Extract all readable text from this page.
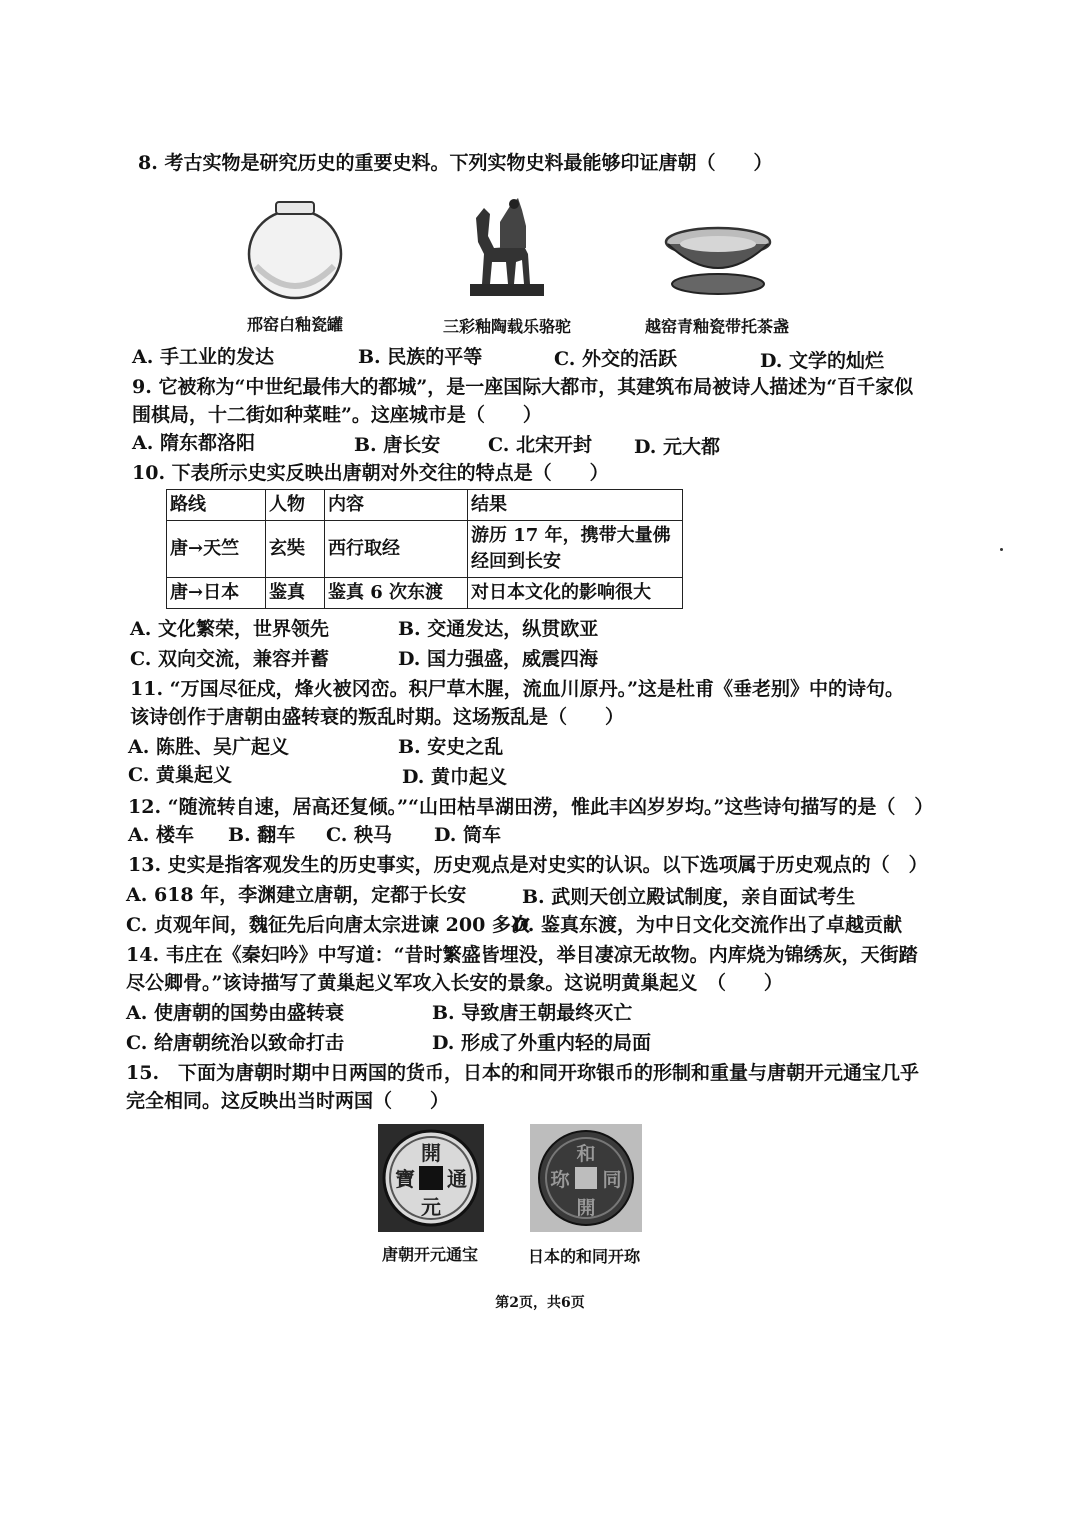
8. 考古实物是研究历史的重要史料。下列实物史料最能够印证唐朝（　　）
邢窑白釉瓷罐	三彩釉陶载乐骆驼	越窑青釉瓷带托茶盏
A. 手工业的发达	B. 民族的平等	C. 外交的活跃	D. 文学的灿烂
9. 它被称为“中世纪最伟大的都城”，是一座国际大都市，其建筑布局被诗人描述为“百千家似
围棋局，十二街如种菜畦”。这座城市是（　　）
A. 隋东都洛阳	B. 唐长安	C. 北宋开封 D. 元大都
10. 下表所示史实反映出唐朝对外交往的特点是（　　）
路线	人物	内容	结果
唐→天竺	玄奘	西行取经	游历 17 年，携带大量佛经回到长安
唐→日本	鉴真	鉴真 6 次东渡	对日本文化的影响很大
A. 文化繁荣，世界领先	B. 交通发达，纵贯欧亚
C. 双向交流，兼容并蓄	D. 国力强盛，威震四海
11. “万国尽征戍，烽火被冈峦。积尸草木腥，流血川原丹。”这是杜甫《垂老别》中的诗句。
该诗创作于唐朝由盛转衰的叛乱时期。这场叛乱是（　　）
A. 陈胜、吴广起义	B. 安史之乱
C. 黄巢起义	D. 黄巾起义
12. “随流转自速，居高还复倾。”“山田枯旱湖田涝，惟此丰凶岁岁均。”这些诗句描写的是（　）
A. 楼车 B. 翻车 C. 秧马 D. 筒车
13. 史实是指客观发生的历史事实，历史观点是对史实的认识。以下选项属于历史观点的（　）
A. 618 年，李渊建立唐朝，定都于长安	B. 武则天创立殿试制度，亲自面试考生
C. 贞观年间，魏征先后向唐太宗进谏 200 多次
D. 鉴真东渡，为中日文化交流作出了卓越贡献
14. 韦庄在《秦妇吟》中写道：“昔时繁盛皆埋没，举目凄凉无故物。内库烧为锦绣灰，天街踏
尽公卿骨。”该诗描写了黄巢起义军攻入长安的景象。这说明黄巢起义　（　　）
A. 使唐朝的国势由盛转衰	B. 导致唐王朝最终灭亡
C. 给唐朝统治以致命打击	D. 形成了外重内轻的局面
15.　下面为唐朝时期中日两国的货币，日本的和同开珎银币的形制和重量与唐朝开元通宝几乎
完全相同。这反映出当时两国（　　）
開
寶 通
元
和
同
開
珎
唐朝开元通宝	日本的和同开珎
第2页，共6页
